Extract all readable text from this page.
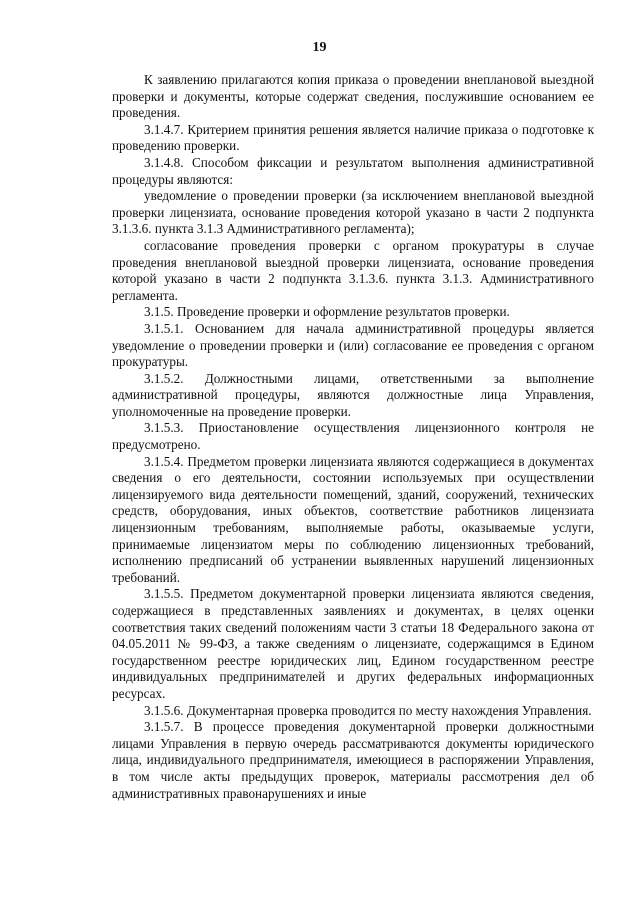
19

К заявлению прилагаются копия приказа о проведении внеплановой выездной проверки и документы, которые содержат сведения, послужившие основанием ее проведения.

3.1.4.7. Критерием принятия решения является наличие приказа о подготовке к проведению проверки.

3.1.4.8. Способом фиксации и результатом выполнения административной процедуры являются:

уведомление о проведении проверки (за исключением внеплановой выездной проверки лицензиата, основание проведения которой указано в части 2 подпункта 3.1.3.6. пункта 3.1.3 Административного регламента);

согласование проведения проверки с органом прокуратуры в случае проведения внеплановой выездной проверки лицензиата, основание проведения которой указано в части 2 подпункта 3.1.3.6. пункта 3.1.3. Административного регламента.

3.1.5. Проведение проверки и оформление результатов проверки.

3.1.5.1. Основанием для начала административной процедуры является уведомление о проведении проверки и (или) согласование ее проведения с органом прокуратуры.

3.1.5.2. Должностными лицами, ответственными за выполнение административной процедуры, являются должностные лица Управления, уполномоченные на проведение проверки.

3.1.5.3. Приостановление осуществления лицензионного контроля не предусмотрено.

3.1.5.4. Предметом проверки лицензиата являются содержащиеся в документах сведения о его деятельности, состоянии используемых при осуществлении лицензируемого вида деятельности помещений, зданий, сооружений, технических средств, оборудования, иных объектов, соответствие работников лицензиата лицензионным требованиям, выполняемые работы, оказываемые услуги, принимаемые лицензиатом меры по соблюдению лицензионных требований, исполнению предписаний об устранении выявленных нарушений лицензионных требований.

3.1.5.5. Предметом документарной проверки лицензиата являются сведения, содержащиеся в представленных заявлениях и документах, в целях оценки соответствия таких сведений положениям части 3 статьи 18 Федерального закона от 04.05.2011 № 99-ФЗ, а также сведениям о лицензиате, содержащимся в Едином государственном реестре юридических лиц, Едином государственном реестре индивидуальных предпринимателей и других федеральных информационных ресурсах.

3.1.5.6. Документарная проверка проводится по месту нахождения Управления.

3.1.5.7. В процессе проведения документарной проверки должностными лицами Управления в первую очередь рассматриваются документы юридического лица, индивидуального предпринимателя, имеющиеся в распоряжении Управления, в том числе акты предыдущих проверок, материалы рассмотрения дел об административных правонарушениях и иные
